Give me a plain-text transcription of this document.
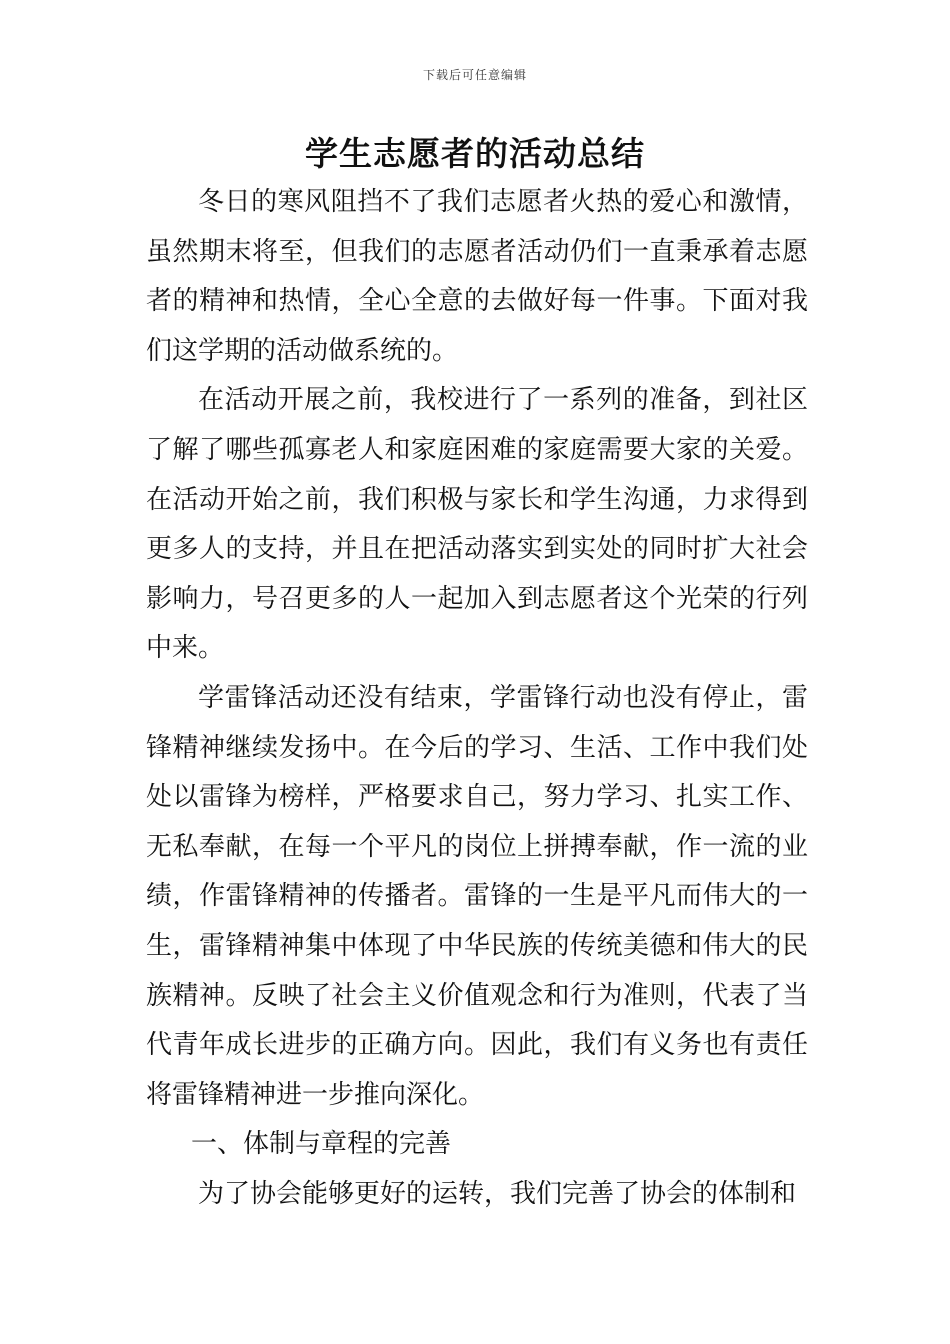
下载后可任意编辑
学生志愿者的活动总结

冬日的寒风阻挡不了我们志愿者火热的爱心和激情，虽然期末将至，但我们的志愿者活动仍们一直秉承着志愿者的精神和热情，全心全意的去做好每一件事。下面对我们这学期的活动做系统的。

在活动开展之前，我校进行了一系列的准备，到社区了解了哪些孤寡老人和家庭困难的家庭需要大家的关爱。在活动开始之前，我们积极与家长和学生沟通，力求得到更多人的支持，并且在把活动落实到实处的同时扩大社会影响力，号召更多的人一起加入到志愿者这个光荣的行列中来。

学雷锋活动还没有结束，学雷锋行动也没有停止，雷锋精神继续发扬中。在今后的学习、生活、工作中我们处处以雷锋为榜样，严格要求自己，努力学习、扎实工作、无私奉献，在每一个平凡的岗位上拼搏奉献，作一流的业绩，作雷锋精神的传播者。雷锋的一生是平凡而伟大的一生，雷锋精神集中体现了中华民族的传统美德和伟大的民族精神。反映了社会主义价值观念和行为准则，代表了当代青年成长进步的正确方向。因此，我们有义务也有责任将雷锋精神进一步推向深化。

一、体制与章程的完善

为了协会能够更好的运转，我们完善了协会的体制和
